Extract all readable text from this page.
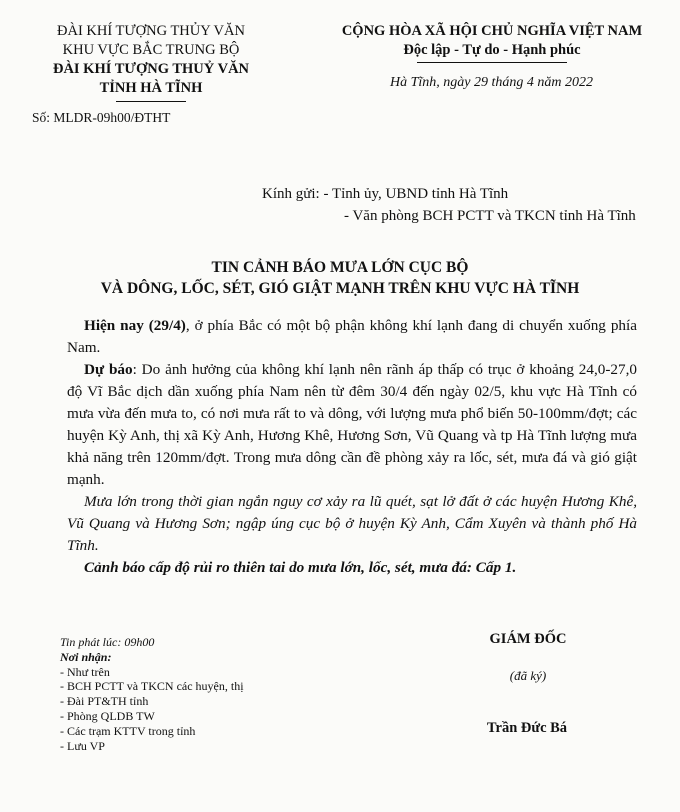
ĐÀI KHÍ TƯỢNG THỦY VĂN
KHU VỰC BẮC TRUNG BỘ
ĐÀI KHÍ TƯỢNG THUỶ VĂN
TỈNH HÀ TĨNH
Số: MLDR-09h00/ĐTHT
CỘNG HÒA XÃ HỘI CHỦ NGHĨA VIỆT NAM
Độc lập - Tự do - Hạnh phúc
Hà Tĩnh, ngày 29 tháng 4 năm 2022
Kính gửi: - Tỉnh ủy, UBND tỉnh Hà Tĩnh
- Văn phòng BCH PCTT và TKCN tỉnh Hà Tĩnh
TIN CẢNH BÁO MƯA LỚN CỤC BỘ
VÀ DÔNG, LỐC, SÉT, GIÓ GIẬT MẠNH TRÊN KHU VỰC HÀ TĨNH

Hiện nay (29/4), ở phía Bắc có một bộ phận không khí lạnh đang di chuyển xuống phía Nam.

Dự báo: Do ảnh hưởng của không khí lạnh nên rãnh áp thấp có trục ở khoảng 24,0-27,0 độ Vĩ Bắc dịch dần xuống phía Nam nên từ đêm 30/4 đến ngày 02/5, khu vực Hà Tĩnh có mưa vừa đến mưa to, có nơi mưa rất to và dông, với lượng mưa phổ biến 50-100mm/đợt; các huyện Kỳ Anh, thị xã Kỳ Anh, Hương Khê, Hương Sơn, Vũ Quang và tp Hà Tĩnh lượng mưa khả năng trên 120mm/đợt. Trong mưa dông cần đề phòng xảy ra lốc, sét, mưa đá và gió giật mạnh.

Mưa lớn trong thời gian ngắn nguy cơ xảy ra lũ quét, sạt lở đất ở các huyện Hương Khê, Vũ Quang và Hương Sơn; ngập úng cục bộ ở huyện Kỳ Anh, Cẩm Xuyên và thành phố Hà Tĩnh.

Cảnh báo cấp độ rủi ro thiên tai do mưa lớn, lốc, sét, mưa đá: Cấp 1.

Tin phát lúc: 09h00
Nơi nhận:
- Như trên
- BCH PCTT và TKCN các huyện, thị
- Đài PT&TH tỉnh
- Phòng QLDB TW
- Các trạm KTTV trong tỉnh
- Lưu VP
GIÁM ĐỐC
(đã ký)
Trần Đức Bá
